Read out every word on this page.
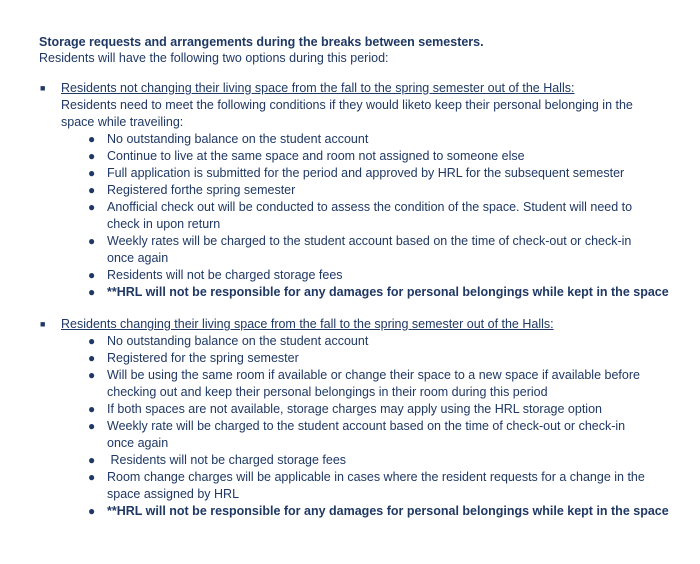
Storage requests and arrangements during the breaks between semesters.
Residents will have the following two options during this period:
■ Residents not changing their living space from the fall to the spring semester out of the Halls:
Residents need to meet the following conditions if they would liketo keep their personal belonging in the space while traveiling:
● No outstanding balance on the student account
● Continue to live at the same space and room not assigned to someone else
● Full application is submitted for the period and approved by HRL for the subsequent semester
● Registered forthe spring semester
● Anofficial check out will be conducted to assess the condition of the space. Student will need to check in upon return
● Weekly rates will be charged to the student account based on the time of check-out or check-in once again
● Residents will not be charged storage fees
● **HRL will not be responsible for any damages for personal belongings while kept in the space
■ Residents changing their living space from the fall to the spring semester out of the Halls:
● No outstanding balance on the student account
● Registered for the spring semester
● Will be using the same room if available or change their space to a new space if available before checking out and keep their personal belongings in their room during this period
● If both spaces are not available, storage charges may apply using the HRL storage option
● Weekly rate will be charged to the student account based on the time of check-out or check-in once again
● Residents will not be charged storage fees
● Room change charges will be applicable in cases where the resident requests for a change in the space assigned by HRL
● **HRL will not be responsible for any damages for personal belongings while kept in the space
